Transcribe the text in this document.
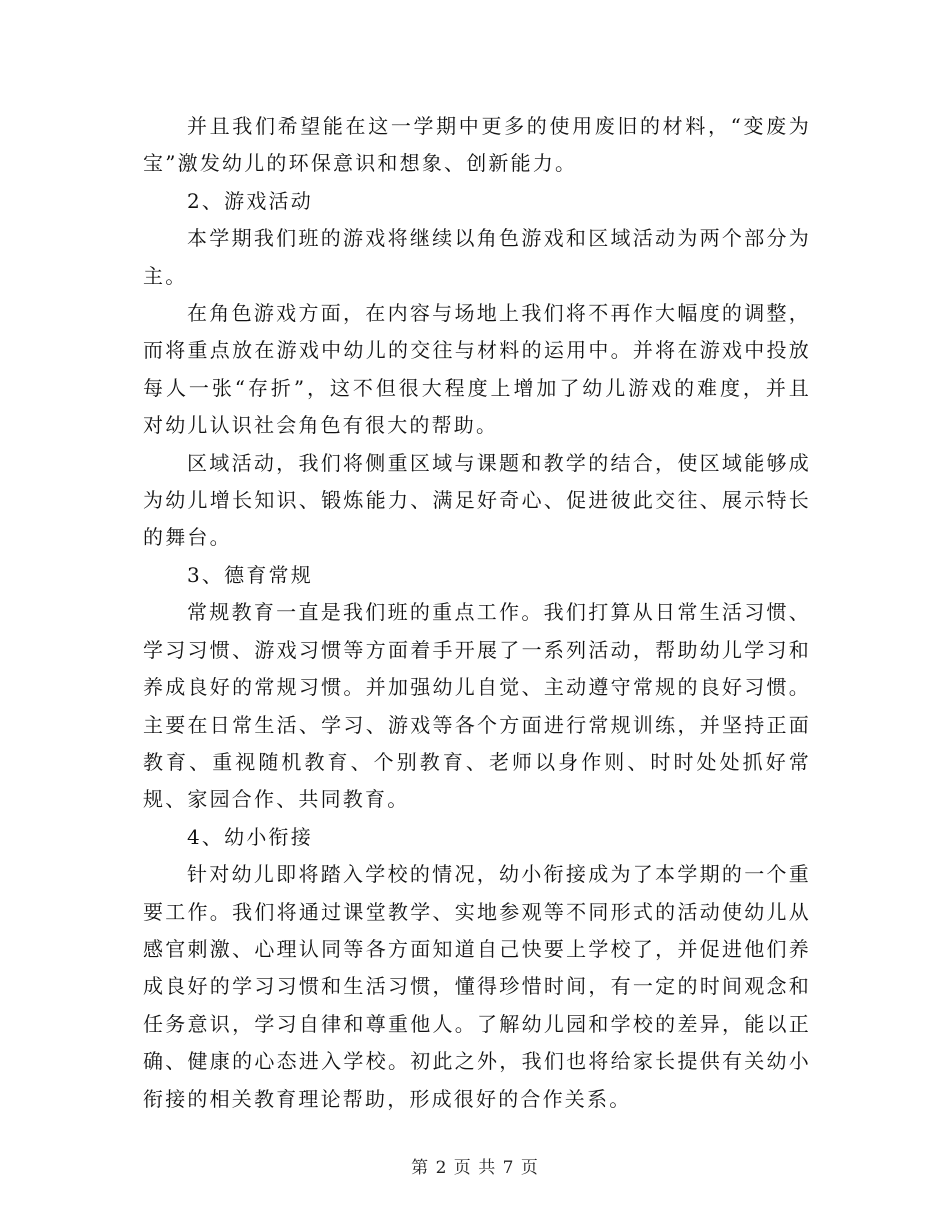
并且我们希望能在这一学期中更多的使用废旧的材料，“变废为宝”激发幼儿的环保意识和想象、创新能力。

2、游戏活动

本学期我们班的游戏将继续以角色游戏和区域活动为两个部分为主。

在角色游戏方面，在内容与场地上我们将不再作大幅度的调整，而将重点放在游戏中幼儿的交往与材料的运用中。并将在游戏中投放每人一张“存折”，这不但很大程度上增加了幼儿游戏的难度，并且对幼儿认识社会角色有很大的帮助。

区域活动，我们将侧重区域与课题和教学的结合，使区域能够成为幼儿增长知识、锻炼能力、满足好奇心、促进彼此交往、展示特长的舞台。

3、德育常规

常规教育一直是我们班的重点工作。我们打算从日常生活习惯、学习习惯、游戏习惯等方面着手开展了一系列活动，帮助幼儿学习和养成良好的常规习惯。并加强幼儿自觉、主动遵守常规的良好习惯。主要在日常生活、学习、游戏等各个方面进行常规训练，并坚持正面教育、重视随机教育、个别教育、老师以身作则、时时处处抓好常规、家园合作、共同教育。

4、幼小衔接

针对幼儿即将踏入学校的情况，幼小衔接成为了本学期的一个重要工作。我们将通过课堂教学、实地参观等不同形式的活动使幼儿从感官刺激、心理认同等各方面知道自己快要上学校了，并促进他们养成良好的学习习惯和生活习惯，懂得珍惜时间，有一定的时间观念和任务意识，学习自律和尊重他人。了解幼儿园和学校的差异，能以正确、健康的心态进入学校。初此之外，我们也将给家长提供有关幼小衔接的相关教育理论帮助，形成很好的合作关系。

第 2 页 共 7 页
